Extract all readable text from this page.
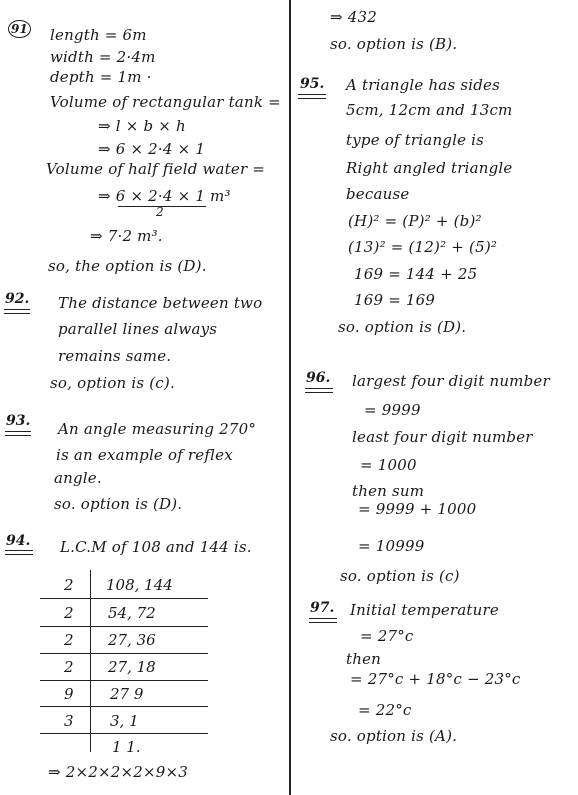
91 length = 6m
width = 2·4m
depth = 1m ·
Volume of rectangular tank =
⇒ l × b × h
⇒ 6 × 2·4 × 1
Volume of half field water =
⇒ 6 × 2·4 × 1 m³
2
⇒ 7·2 m³.
so, the option is (D).
92. The distance between two
parallel lines always
remains same.
so, option is (c).
93. An angle measuring 270°
is an example of reflex
angle.
so. option is (D).
94. L.C.M of 108 and 144 is.
2 108, 144
2 54, 72
2 27, 36
2 27, 18
9 27 9
3 3, 1
1 1.
⇒ 2×2×2×2×9×3
⇒ 432
so. option is (B).
95. A triangle has sides
5cm, 12cm and 13cm
type of triangle is
Right angled triangle
because
(H)² = (P)² + (b)²
(13)² = (12)² + (5)²
169 = 144 + 25
169 = 169
so. option is (D).
96. largest four digit number
= 9999
least four digit number
= 1000
then sum
= 9999 + 1000
= 10999
so. option is (c)
97. Initial temperature
= 27°c
then
= 27°c + 18°c − 23°c
= 22°c
so. option is (A).
